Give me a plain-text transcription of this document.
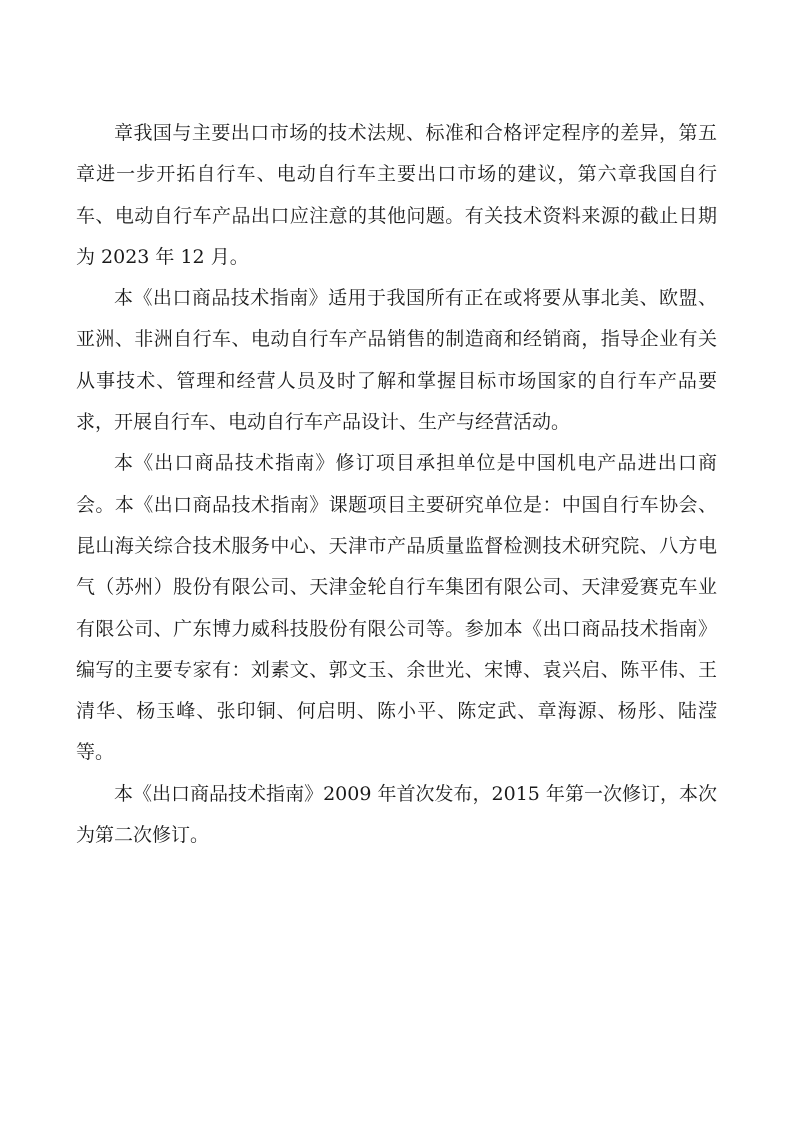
章我国与主要出口市场的技术法规、标准和合格评定程序的差异，第五章进一步开拓自行车、电动自行车主要出口市场的建议，第六章我国自行车、电动自行车产品出口应注意的其他问题。有关技术资料来源的截止日期为 2023 年 12 月。

本《出口商品技术指南》适用于我国所有正在或将要从事北美、欧盟、亚洲、非洲自行车、电动自行车产品销售的制造商和经销商，指导企业有关从事技术、管理和经营人员及时了解和掌握目标市场国家的自行车产品要求，开展自行车、电动自行车产品设计、生产与经营活动。

本《出口商品技术指南》修订项目承担单位是中国机电产品进出口商会。本《出口商品技术指南》课题项目主要研究单位是：中国自行车协会、昆山海关综合技术服务中心、天津市产品质量监督检测技术研究院、八方电气（苏州）股份有限公司、天津金轮自行车集团有限公司、天津爱赛克车业有限公司、广东博力威科技股份有限公司等。参加本《出口商品技术指南》编写的主要专家有：刘素文、郭文玉、余世光、宋博、袁兴启、陈平伟、王清华、杨玉峰、张印铜、何启明、陈小平、陈定武、章海源、杨彤、陆滢等。

本《出口商品技术指南》2009 年首次发布，2015 年第一次修订，本次为第二次修订。
